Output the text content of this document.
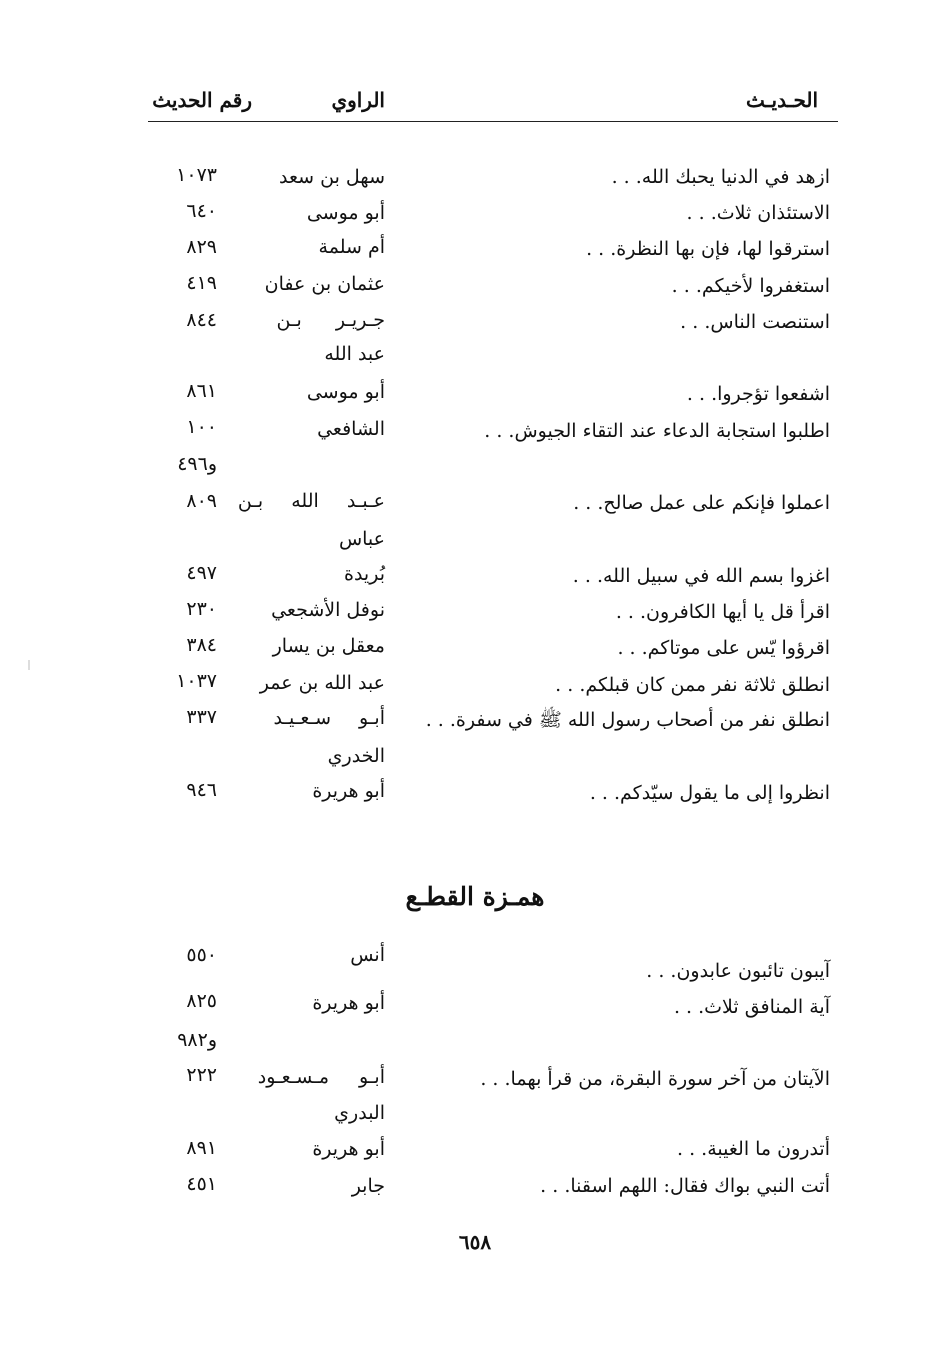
الحـديـث
الراوي
رقم الحديث
ازهد في الدنيا يحبك الله. . .
سهل بن سعد
١٠٧٣
الاستئذان ثلاث. . .
أبو موسى
٦٤٠
استرقوا لها، فإن بها النظرة. . .
أم سلمة
٨٢٩
استغفروا لأخيكم. . .
عثمان بن عفان
٤١٩
استنصت الناس. . .
جـريـر بـن
عبد الله
٨٤٤
اشفعوا تؤجروا. . .
أبو موسى
٨٦١
اطلبوا استجابة الدعاء عند التقاء الجيوش. . .
الشافعي
١٠٠
و٤٩٦
اعملوا فإنكم على عمل صالح. . .
عـبـد الله بـن
عباس
٨٠٩
اغزوا بسم الله في سبيل الله. . .
بُريدة
٤٩٧
اقرأ قل يا أيها الكافرون. . .
نوفل الأشجعي
٢٣٠
اقرؤوا يّس على موتاكم. . .
معقل بن يسار
٣٨٤
انطلق ثلاثة نفر ممن كان قبلكم. . .
عبد الله بن عمر
١٠٣٧
انطلق نفر من أصحاب رسول الله ﷺ في سفرة. . .
أبـو سـعـيـد
الخدري
٣٣٧
انظروا إلى ما يقول سيّدكم. . .
أبو هريرة
٩٤٦
همـزة القطـع
آيبون تائبون عابدون. . .
أنس
٥٥٠
آية المنافق ثلاث. . .
أبو هريرة
٨٢٥
و٩٨٢
الآيتان من آخر سورة البقرة، من قرأ بهما. . .
أبـو مـسـعـود
البدري
٢٢٢
أتدرون ما الغيبة. . .
أبو هريرة
٨٩١
أتت النبي بواك فقال: اللهم اسقنا. . .
جابر
٤٥١
٦٥٨
